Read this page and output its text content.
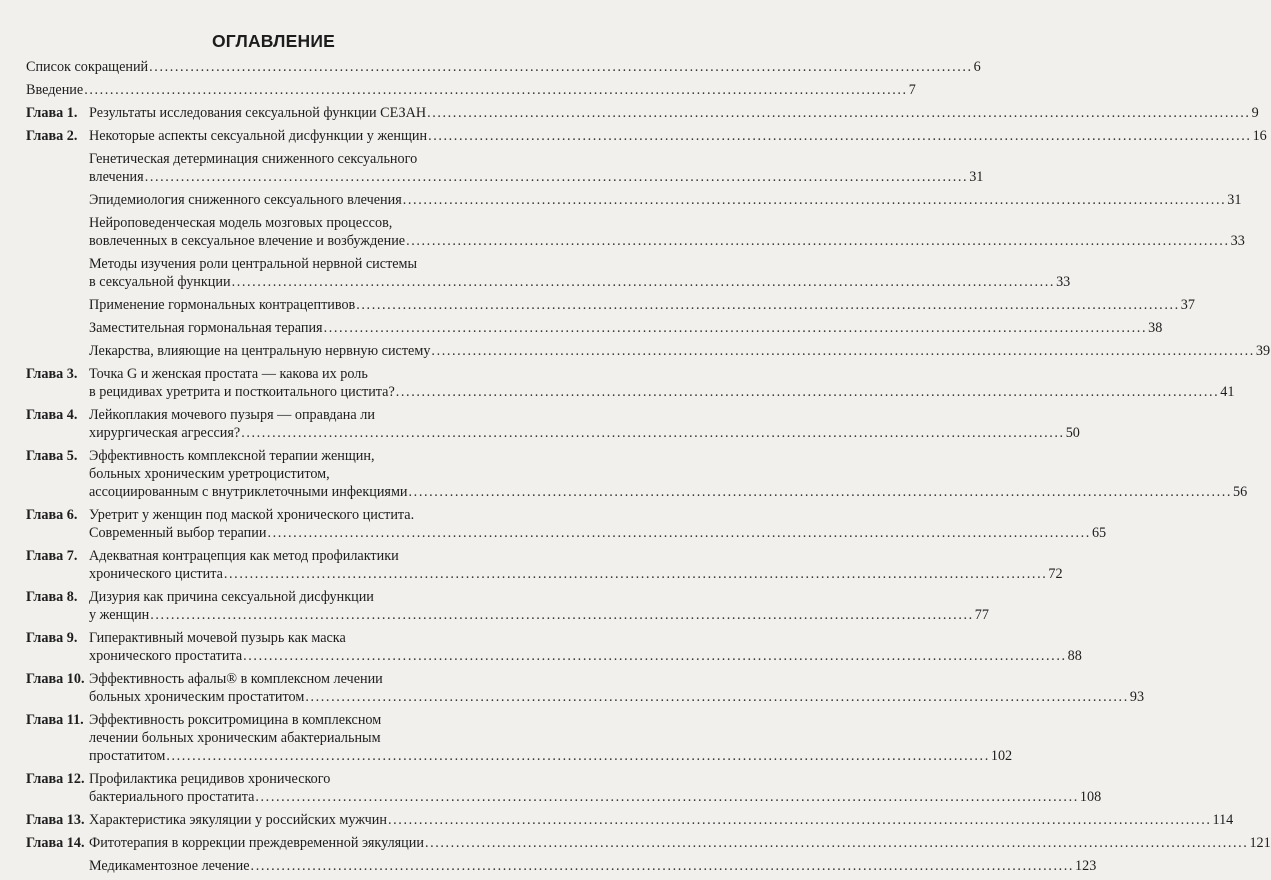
ОГЛАВЛЕНИЕ
Список сокращений .....	6
Введение .....	7
Глава 1. Результаты исследования сексуальной функции СЕЗАН .....	9
Глава 2. Некоторые аспекты сексуальной дисфункции у женщин .....	16
Генетическая детерминация сниженного сексуального
влечения .....	31
Эпидемиология сниженного сексуального влечения .....	31
Нейроповеденческая модель мозговых процессов,
вовлеченных в сексуальное влечение и возбуждение .....	33
Методы изучения роли центральной нервной системы
в сексуальной функции .....	33
Применение гормональных контрацептивов .....	37
Заместительная гормональная терапия .....	38
Лекарства, влияющие на центральную нервную систему .....	39
Глава 3. Точка G и женская простата — какова их роль
в рецидивах уретрита и посткоитального цистита? .....	41
Глава 4. Лейкоплакия мочевого пузыря — оправдана ли
хирургическая агрессия? .....	50
Глава 5. Эффективность комплексной терапии женщин,
больных хроническим уретроциститом,
ассоциированным с внутриклеточными инфекциями .....	56
Глава 6. Уретрит у женщин под маской хронического цистита.
Современный выбор терапии .....	65
Глава 7. Адекватная контрацепция как метод профилактики
хронического цистита .....	72
Глава 8. Дизурия как причина сексуальной дисфункции
у женщин .....	77
Глава 9. Гиперактивный мочевой пузырь как маска
хронического простатита .....	88
Глава 10. Эффективность афалы® в комплексном лечении
больных хроническим простатитом .....	93
Глава 11. Эффективность рокситромицина в комплексном
лечении больных хроническим абактериальным
простатитом .....	102
Глава 12. Профилактика рецидивов хронического
бактериального простатита .....	108
Глава 13. Характеристика эякуляции у российских мужчин .....	114
Глава 14. Фитотерапия в коррекции преждевременной эякуляции .....	121
Медикаментозное лечение .....	123
